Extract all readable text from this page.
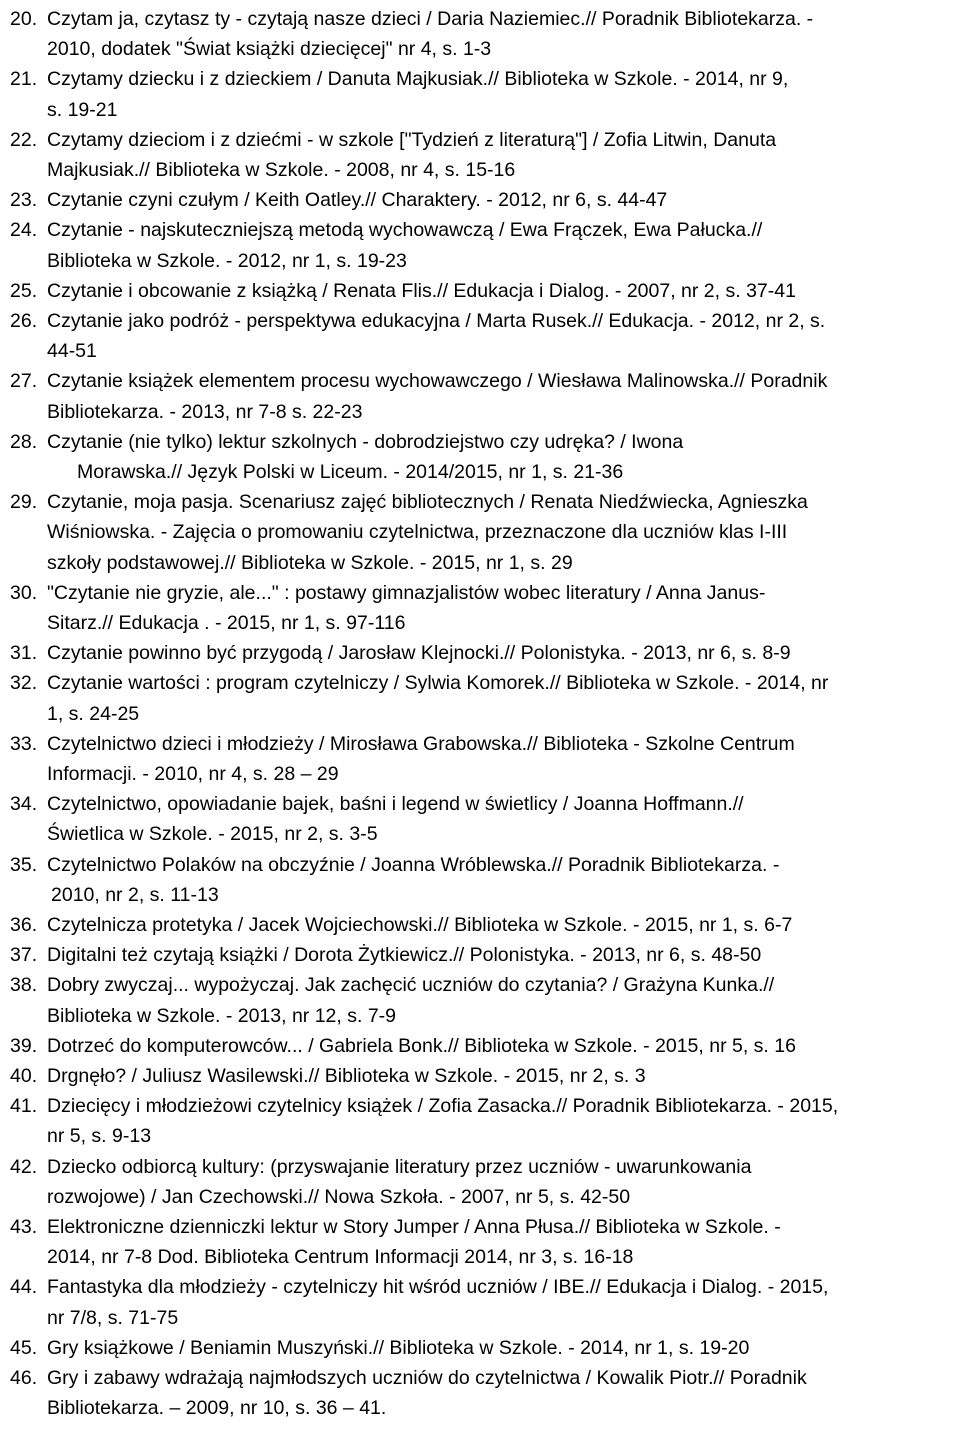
20. Czytam ja, czytasz ty - czytają nasze dzieci / Daria Naziemiec.// Poradnik Bibliotekarza. -
2010, dodatek "Świat książki dziecięcej" nr 4, s. 1-3
21. Czytamy dziecku i z dzieckiem / Danuta Majkusiak.// Biblioteka w Szkole. - 2014, nr 9,
s. 19-21
22. Czytamy dzieciom i z dziećmi - w szkole ["Tydzień z literaturą"] / Zofia Litwin, Danuta
Majkusiak.// Biblioteka w Szkole. - 2008, nr 4, s. 15-16
23. Czytanie czyni czułym / Keith Oatley.// Charaktery. - 2012, nr 6, s. 44-47
24. Czytanie - najskuteczniejszą metodą wychowawczą / Ewa Frączek, Ewa Pałucka.//
Biblioteka w Szkole. - 2012, nr 1, s. 19-23
25. Czytanie i obcowanie z książką / Renata Flis.// Edukacja i Dialog. - 2007, nr 2, s. 37-41
26. Czytanie jako podróż - perspektywa edukacyjna / Marta Rusek.// Edukacja. - 2012, nr 2, s.
44-51
27. Czytanie książek elementem procesu wychowawczego / Wiesława Malinowska.// Poradnik
Bibliotekarza. - 2013, nr 7-8 s. 22-23
28. Czytanie (nie tylko) lektur szkolnych - dobrodziejstwo czy udręka? / Iwona
Morawska.// Język Polski w Liceum. - 2014/2015, nr 1, s. 21-36
29. Czytanie, moja pasja. Scenariusz zajęć bibliotecznych / Renata Niedźwiecka, Agnieszka
Wiśniowska. - Zajęcia o promowaniu czytelnictwa, przeznaczone dla uczniów klas I-III
szkoły podstawowej.// Biblioteka w Szkole. - 2015, nr 1, s. 29
30. "Czytanie nie gryzie, ale..." : postawy gimnazjalistów wobec literatury / Anna Janus-
Sitarz.// Edukacja . - 2015, nr 1, s. 97-116
31. Czytanie powinno być przygodą / Jarosław Klejnocki.// Polonistyka. - 2013, nr 6, s. 8-9
32. Czytanie wartości : program czytelniczy / Sylwia Komorek.// Biblioteka w Szkole. - 2014, nr
1, s. 24-25
33. Czytelnictwo dzieci i młodzieży / Mirosława Grabowska.// Biblioteka - Szkolne Centrum
Informacji. - 2010, nr 4, s. 28 – 29
34. Czytelnictwo, opowiadanie bajek, baśni i legend w świetlicy / Joanna Hoffmann.//
Świetlica w Szkole. - 2015, nr 2, s. 3-5
35. Czytelnictwo Polaków na obczyźnie / Joanna Wróblewska.// Poradnik Bibliotekarza. -
2010, nr 2, s. 11-13
36. Czytelnicza protetyka / Jacek Wojciechowski.// Biblioteka w Szkole. - 2015, nr 1, s. 6-7
37. Digitalni też czytają książki / Dorota Żytkiewicz.// Polonistyka. - 2013, nr 6, s. 48-50
38. Dobry zwyczaj... wypożyczaj. Jak zachęcić uczniów do czytania? / Grażyna Kunka.//
Biblioteka w Szkole. - 2013, nr 12, s. 7-9
39. Dotrzeć do komputerowców... / Gabriela Bonk.// Biblioteka w Szkole. - 2015, nr 5, s. 16
40. Drgnęło? / Juliusz Wasilewski.// Biblioteka w Szkole. - 2015, nr 2, s. 3
41. Dziecięcy i młodzieżowi czytelnicy książek / Zofia Zasacka.// Poradnik Bibliotekarza. - 2015,
nr 5, s. 9-13
42. Dziecko odbiorcą kultury: (przyswajanie literatury przez uczniów - uwarunkowania
rozwojowe) / Jan Czechowski.// Nowa Szkoła. - 2007, nr 5, s. 42-50
43. Elektroniczne dzienniczki lektur w Story Jumper / Anna Płusa.// Biblioteka w Szkole. -
2014, nr 7-8 Dod. Biblioteka Centrum Informacji 2014, nr 3, s. 16-18
44. Fantastyka dla młodzieży - czytelniczy hit wśród uczniów / IBE.// Edukacja i Dialog. - 2015,
nr 7/8, s. 71-75
45. Gry książkowe / Beniamin Muszyński.// Biblioteka w Szkole. - 2014, nr 1, s. 19-20
46. Gry i zabawy wdrażają najmłodszych uczniów do czytelnictwa / Kowalik Piotr.// Poradnik
Bibliotekarza. – 2009, nr 10, s. 36 – 41.
